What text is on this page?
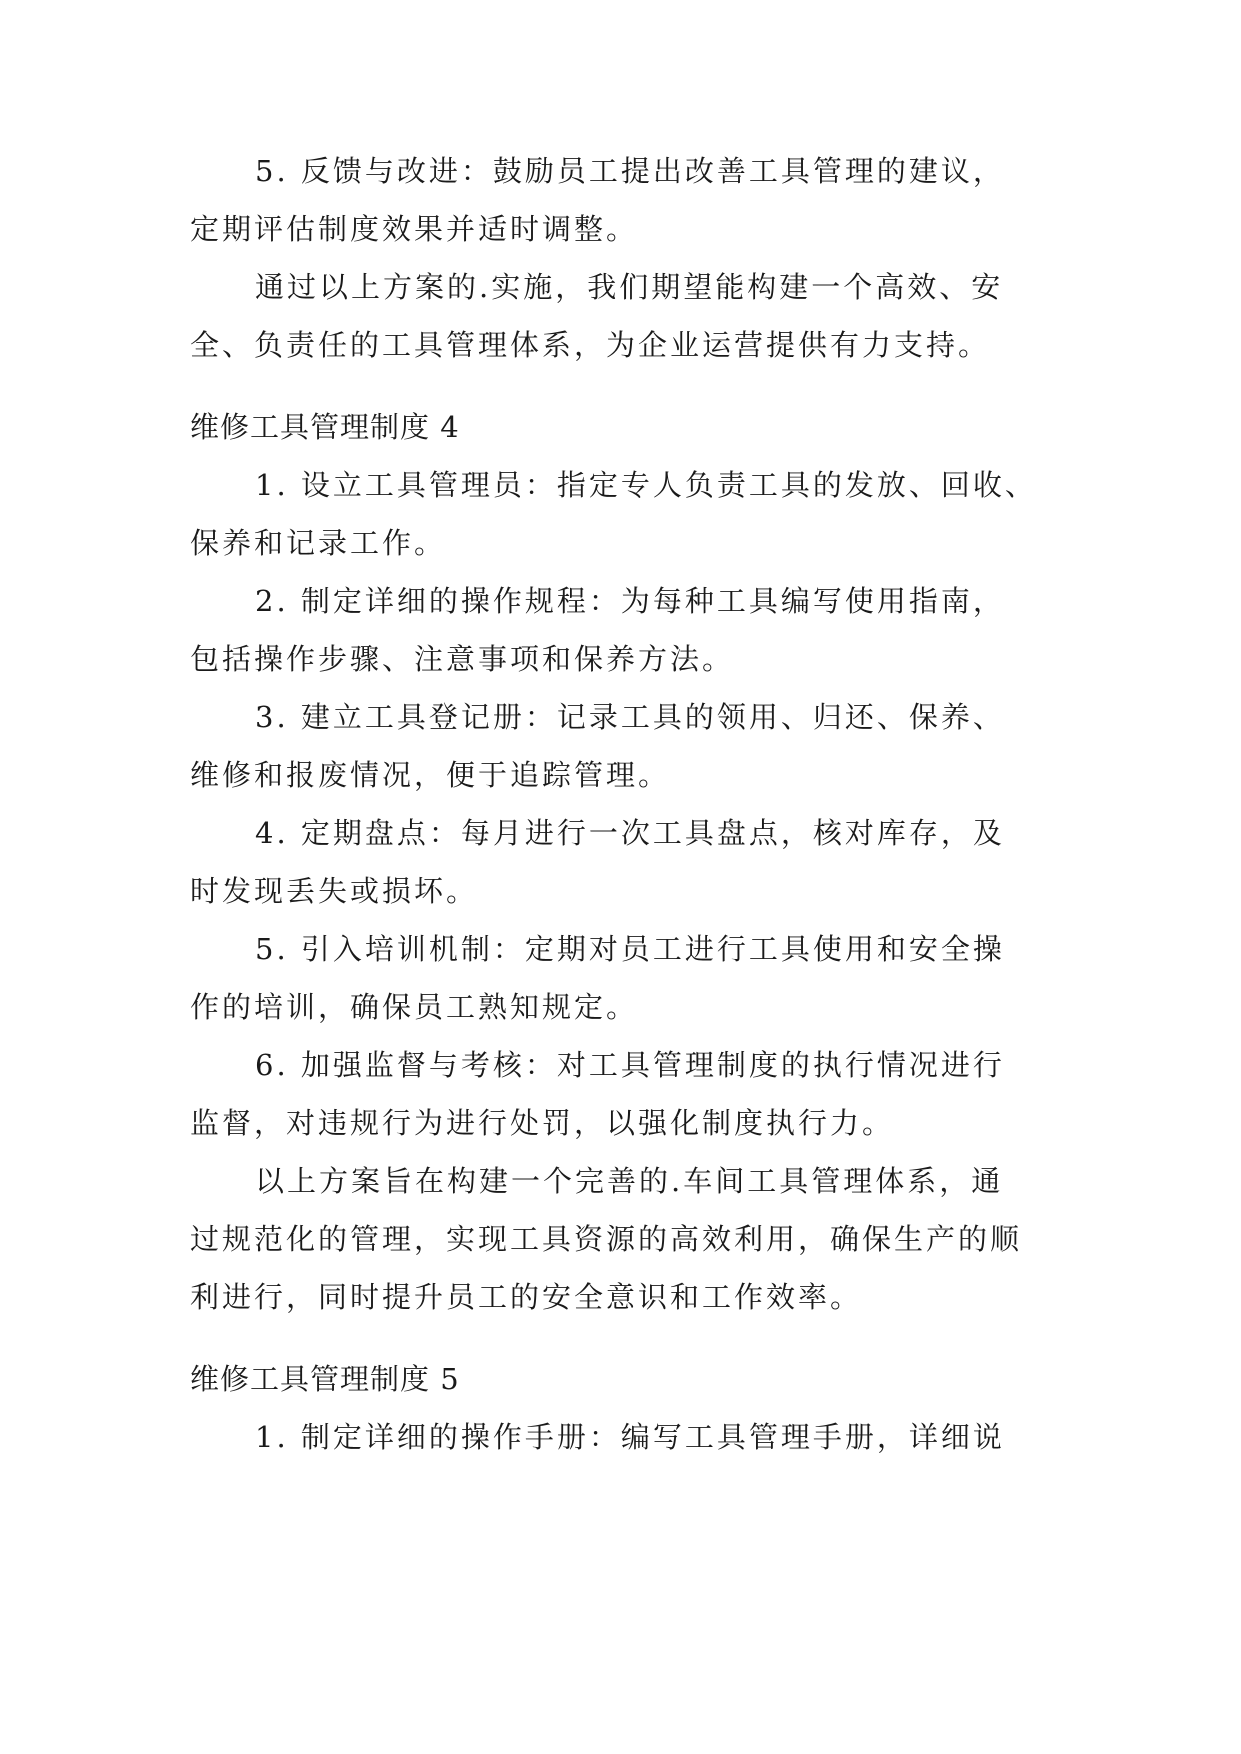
5. 反馈与改进：鼓励员工提出改善工具管理的建议，

定期评估制度效果并适时调整。

通过以上方案的.实施，我们期望能构建一个高效、安

全、负责任的工具管理体系，为企业运营提供有力支持。

维修工具管理制度 4

1. 设立工具管理员：指定专人负责工具的发放、回收、

保养和记录工作。

2. 制定详细的操作规程：为每种工具编写使用指南，

包括操作步骤、注意事项和保养方法。

3. 建立工具登记册：记录工具的领用、归还、保养、

维修和报废情况，便于追踪管理。

4. 定期盘点：每月进行一次工具盘点，核对库存，及

时发现丢失或损坏。

5. 引入培训机制：定期对员工进行工具使用和安全操

作的培训，确保员工熟知规定。

6. 加强监督与考核：对工具管理制度的执行情况进行

监督，对违规行为进行处罚，以强化制度执行力。

以上方案旨在构建一个完善的.车间工具管理体系，通

过规范化的管理，实现工具资源的高效利用，确保生产的顺

利进行，同时提升员工的安全意识和工作效率。

维修工具管理制度 5

1. 制定详细的操作手册：编写工具管理手册，详细说
